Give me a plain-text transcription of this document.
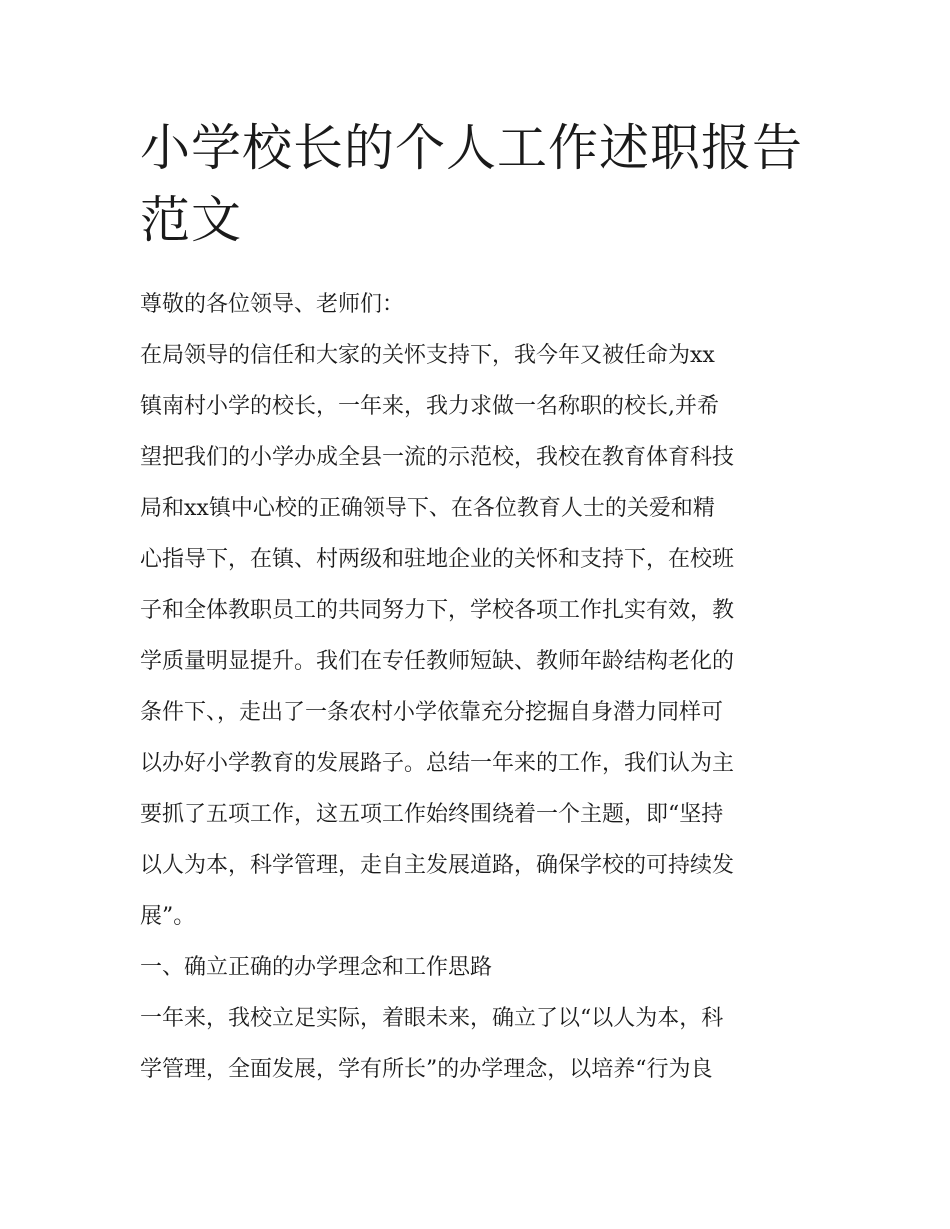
小学校长的个人工作述职报告
范文
尊敬的各位领导、老师们：
在局领导的信任和大家的关怀支持下，我今年又被任命为xx
镇南村小学的校长，一年来，我力求做一名称职的校长,并希
望把我们的小学办成全县一流的示范校，我校在教育体育科技
局和xx镇中心校的正确领导下、在各位教育人士的关爱和精
心指导下，在镇、村两级和驻地企业的关怀和支持下，在校班
子和全体教职员工的共同努力下，学校各项工作扎实有效，教
学质量明显提升。我们在专任教师短缺、教师年龄结构老化的
条件下、，走出了一条农村小学依靠充分挖掘自身潜力同样可
以办好小学教育的发展路子。总结一年来的工作，我们认为主
要抓了五项工作，这五项工作始终围绕着一个主题，即“坚持
以人为本，科学管理，走自主发展道路，确保学校的可持续发
展”。
一、确立正确的办学理念和工作思路
一年来，我校立足实际，着眼未来，确立了以“以人为本，科
学管理，全面发展，学有所长”的办学理念，以培养“行为良
